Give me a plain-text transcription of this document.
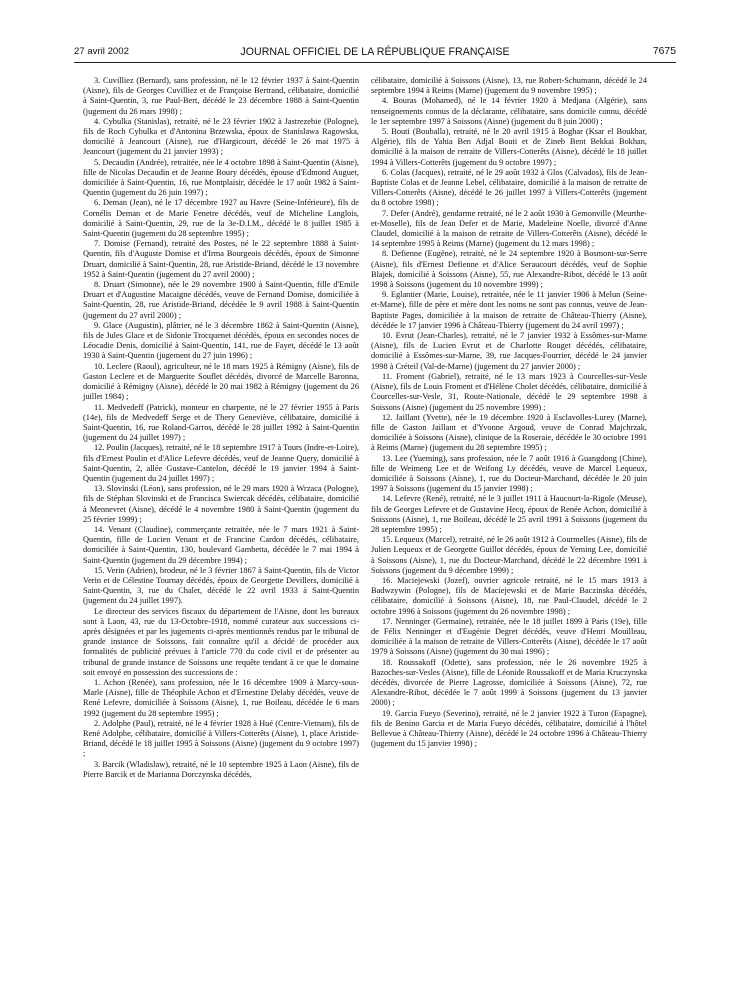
27 avril 2002	JOURNAL OFFICIEL DE LA RÉPUBLIQUE FRANÇAISE	7675

3. Cuvilliez (Bernard), sans profession, né le 12 février 1937 à Saint-Quentin (Aisne), fils de Georges Cuvilliez et de Françoise Bertrand, célibataire, domicilié à Saint-Quentin, 3, rue Paul-Bert, décédé le 23 décembre 1988 à Saint-Quentin (jugement du 26 mars 1998) ;

4. Cybulka (Stanislas), retraité, né le 23 février 1902 à Jastrezebie (Pologne), fils de Roch Cybulka et d'Antonina Brzewska, époux de Stanislawa Ragowska, domicilié à Jeancourt (Aisne), rue d'Hargicourt, décédé le 26 mai 1975 à Jeancourt (jugement du 21 janvier 1993) ;

5. Decaudin (Andrée), retraitée, née le 4 octobre 1898 à Saint-Quentin (Aisne), fille de Nicolas Decaudin et de Jeanne Boury décédés, épouse d'Edmond Auguet, domiciliée à Saint-Quentin, 16, rue Montplaisir, décédée le 17 août 1982 à Saint-Quentin (jugement du 26 juin 1997) ;

6. Deman (Jean), né le 17 décembre 1927 au Havre (Seine-Inférieure), fils de Cornélis Deman et de Marie Fenetre décédés, veuf de Micheline Langlois, domicilié à Saint-Quentin, 29, rue de la 3e-D.I.M., décédé le 8 juillet 1985 à Saint-Quentin (jugement du 28 septembre 1995) ;

7. Domise (Fernand), retraité des Postes, né le 22 septembre 1888 à Saint-Quentin, fils d'Auguste Domise et d'Irma Bourgeois décédés, époux de Simonne Druart, domicilié à Saint-Quentin, 28, rue Aristide-Briand, décédé le 13 novembre 1952 à Saint-Quentin (jugement du 27 avril 2000) ;

8. Druart (Simonne), née le 29 novembre 1900 à Saint-Quentin, fille d'Emile Druart et d'Augustine Macaigne décédés, veuve de Fernand Domise, domiciliée à Saint-Quentin, 28, rue Aristide-Briand, décédée le 9 avril 1988 à Saint-Quentin (jugement du 27 avril 2000) ;

9. Glace (Augustin), plâtrier, né le 3 décembre 1862 à Saint-Quentin (Aisne), fils de Jules Glace et de Sidonie Trocquenet décédés, époux en secondes noces de Léocadie Denis, domicilié à Saint-Quentin, 141, rue de Fayet, décédé le 13 août 1930 à Saint-Quentin (jugement du 27 juin 1996) ;

10. Leclere (Raoul), agriculteur, né le 18 mars 1925 à Rémigny (Aisne), fils de Gaston Leclere et de Marguerite Souflet décédés, divorcé de Marcelle Baronna, domicilié à Rémigny (Aisne), décédé le 20 mai 1982 à Rémigny (jugement du 26 juillet 1984) ;

11. Medvedeff (Patrick), monteur en charpente, né le 27 février 1955 à Paris (14e), fils de Medvedeff Serge et de Thery Geneviève, célibataire, domicilié à Saint-Quentin, 16, rue Roland-Garros, décédé le 28 juillet 1992 à Saint-Quentin (jugement du 24 juillet 1997) ;

12. Poulin (Jacques), retraité, né le 18 septembre 1917 à Tours (Indre-et-Loire), fils d'Ernest Poulin et d'Alice Lefevre décédés, veuf de Jeanne Query, domicilié à Saint-Quentin, 2, allée Gustave-Cantelon, décédé le 19 janvier 1994 à Saint-Quentin (jugement du 24 juillet 1997) ;

13. Slovinski (Léon), sans profession, né le 29 mars 1920 à Wrzaca (Pologne), fils de Stéphan Slovinski et de Francisca Swiercak décédés, célibataire, domicilié à Mennevret (Aisne), décédé le 4 novembre 1980 à Saint-Quentin (jugement du 25 février 1999) ;

14. Venant (Claudine), commerçante retraitée, née le 7 mars 1921 à Saint-Quentin, fille de Lucien Venant et de Francine Cardon décédés, célibataire, domiciliée à Saint-Quentin, 130, boulevard Gambetta, décédée le 7 mai 1994 à Saint-Quentin (jugement du 29 décembre 1994) ;

15. Verin (Adrien), brodeur, né le 3 février 1867 à Saint-Quentin, fils de Victor Verin et de Célestine Tournay décédés, époux de Georgette Devillers, domicilié à Saint-Quentin, 3, rue du Chalet, décédé le 22 avril 1933 à Saint-Quentin (jugement du 24 juillet 1997).

Le directeur des services fiscaux du département de l'Aisne, dont les bureaux sont à Laon, 43, rue du 13-Octobre-1918, nommé curateur aux successions ci-après désignées et par les jugements ci-après mentionnés rendus par le tribunal de grande instance de Soissons, fait connaître qu'il a décidé de procéder aux formalités de publicité prévues à l'article 770 du code civil et de présenter au tribunal de grande instance de Soissons une requête tendant à ce que le domaine soit envoyé en possession des successions de :

1. Achon (Renée), sans profession, née le 16 décembre 1909 à Marcy-sous-Marle (Aisne), fille de Théophile Achon et d'Ernestine Delaby décédés, veuve de René Lefevre, domiciliée à Soissons (Aisne), 1, rue Boileau, décédée le 6 mars 1992 (jugement du 28 septembre 1995) ;

2. Adolphe (Paul), retraité, né le 4 février 1928 à Hué (Centre-Vietnam), fils de René Adolphe, célibataire, domicilié à Villers-Cotterêts (Aisne), 1, place Aristide-Briand, décédé le 18 juillet 1995 à Soissons (Aisne) (jugement du 9 octobre 1997) ;

3. Barcik (Wladislaw), retraité, né le 10 septembre 1925 à Laon (Aisne), fils de Pierre Barcik et de Marianna Dorczynska décédés,

célibataire, domicilié à Soissons (Aisne), 13, rue Robert-Schumann, décédé le 24 septembre 1994 à Reims (Marne) (jugement du 9 novembre 1995) ;

4. Bouras (Mohamed), né le 14 février 1920 à Medjana (Algérie), sans renseignements connus de la déclarante, célibataire, sans domicile connu, décédé le 1er septembre 1997 à Soissons (Aisne) (jugement du 8 juin 2000) ;

5. Bouti (Bouballa), retraité, né le 20 avril 1915 à Boghar (Ksar el Boukhar, Algérie), fils de Yahia Ben Adjal Bouti et de Zineb Bent Bekkai Bokhan, domicilié à la maison de retraite de Villers-Cotterêts (Aisne), décédé le 18 juillet 1994 à Villers-Cotterêts (jugement du 9 octobre 1997) ;

6. Colas (Jacques), retraité, né le 29 août 1932 à Glos (Calvados), fils de Jean-Baptiste Colas et de Jeanne Lebel, célibataire, domicilié à la maison de retraite de Villers-Cotterêts (Aisne), décédé le 26 juillet 1997 à Villers-Cotterêts (jugement du 8 octobre 1998) ;

7. Defer (André), gendarme retraité, né le 2 août 1930 à Gemonville (Meurthe-et-Moselle), fils de Jean Defer et de Marie, Madeleine Noelle, divorcé d'Anne Claudel, domicilié à la maison de retraite de Villers-Cotterêts (Aisne), décédé le 14 septembre 1995 à Reims (Marne) (jugement du 12 mars 1998) ;

8. Defienne (Eugène), retraité, né le 24 septembre 1920 à Bosmont-sur-Serre (Aisne), fils d'Ernest Defienne et d'Alice Seraucourt décédés, veuf de Sophie Blajek, domicilié à Soissons (Aisne), 55, rue Alexandre-Ribot, décédé le 13 août 1998 à Soissons (jugement du 10 novembre 1999) ;

9. Eglantier (Marie, Louise), retraitée, née le 11 janvier 1906 à Melun (Seine-et-Marne), fille de père et mère dont les noms ne sont pas connus, veuve de Jean-Baptiste Pages, domiciliée à la maison de retraite de Château-Thierry (Aisne), décédée le 17 janvier 1996 à Château-Thierry (jugement du 24 avril 1997) ;

10. Evrut (Jean-Charles), retraité, né le 7 janvier 1932 à Essômes-sur-Marne (Aisne), fils de Lucien Evrut et de Charlotte Rouget décédés, célibataire, domicilié à Essômes-sur-Marne, 39, rue Jacques-Fourrier, décédé le 24 janvier 1998 à Créteil (Val-de-Marne) (jugement du 27 janvier 2000) ;

11. Froment (Gabriel), retraité, né le 13 mars 1923 à Courcelles-sur-Vesle (Aisne), fils de Louis Froment et d'Hélène Cholet décédés, célibataire, domicilié à Courcelles-sur-Vesle, 31, Route-Nationale, décédé le 29 septembre 1998 à Soissons (Aisne) (jugement du 25 novembre 1999) ;

12. Jaillant (Yvette), née le 19 décembre 1920 à Esclavolles-Lurey (Marne), fille de Gaston Jaillant et d'Yvonne Argoud, veuve de Conrad Majchrzak, domiciliée à Soissons (Aisne), clinique de la Roseraie, décédée le 30 octobre 1991 à Reims (Marne) (jugement du 28 septembre 1995) ;

13. Lee (Yueming), sans profession, née le 7 août 1916 à Guangdong (Chine), fille de Weimeng Lee et de Weifong Ly décédés, veuve de Marcel Lequeux, domiciliée à Soissons (Aisne), 1, rue du Docteur-Marchand, décédée le 20 juin 1997 à Soissons (jugement du 15 janvier 1998) ;

14. Lefevre (René), retraité, né le 3 juillet 1911 à Haucourt-la-Rigole (Meuse), fils de Georges Lefevre et de Gustavine Hecq, époux de Renée Achon, domicilié à Soissons (Aisne), 1, rue Boileau, décédé le 25 avril 1991 à Soissons (jugement du 28 septembre 1995) ;

15. Lequeux (Marcel), retraité, né le 26 août 1912 à Courmelles (Aisne), fils de Julien Lequeux et de Georgette Guillot décédés, époux de Yeming Lee, domicilié à Soissons (Aisne), 1, rue du Docteur-Marchand, décédé le 22 décembre 1991 à Soissons (jugement du 9 décembre 1999) ;

16. Maciejewski (Jozef), ouvrier agricole retraité, né le 15 mars 1913 à Badwzywin (Pologne), fils de Maciejewski et de Marie Baczinska décédés, célibataire, domicilié à Soissons (Aisne), 18, rue Paul-Claudel, décédé le 2 octobre 1996 à Soissons (jugement du 26 novembre 1998) ;

17. Nenninger (Germaine), retraitée, née le 18 juillet 1899 à Paris (19e), fille de Félix Nenninger et d'Eugénie Degret décédés, veuve d'Henri Mouilleau, domiciliée à la maison de retraite de Villers-Cotterêts (Aisne), décédée le 17 août 1979 à Soissons (Aisne) (jugement du 30 mai 1996) ;

18. Roussakoff (Odette), sans profession, née le 26 novembre 1925 à Bazoches-sur-Vesles (Aisne), fille de Léonide Roussakoff et de Maria Kruczynska décédés, divorcée de Pierre Lagrosse, domiciliée à Soissons (Aisne), 72, rue Alexandre-Ribot, décédée le 7 août 1999 à Soissons (jugement du 13 janvier 2000) ;

19. Garcia Fueyo (Severino), retraité, né le 2 janvier 1922 à Turon (Espagne), fils de Benino Garcia et de Maria Fueyo décédés, célibataire, domicilié à l'hôtel Bellevue à Château-Thierry (Aisne), décédé le 24 octobre 1996 à Château-Thierry (jugement du 15 janvier 1998) ;
